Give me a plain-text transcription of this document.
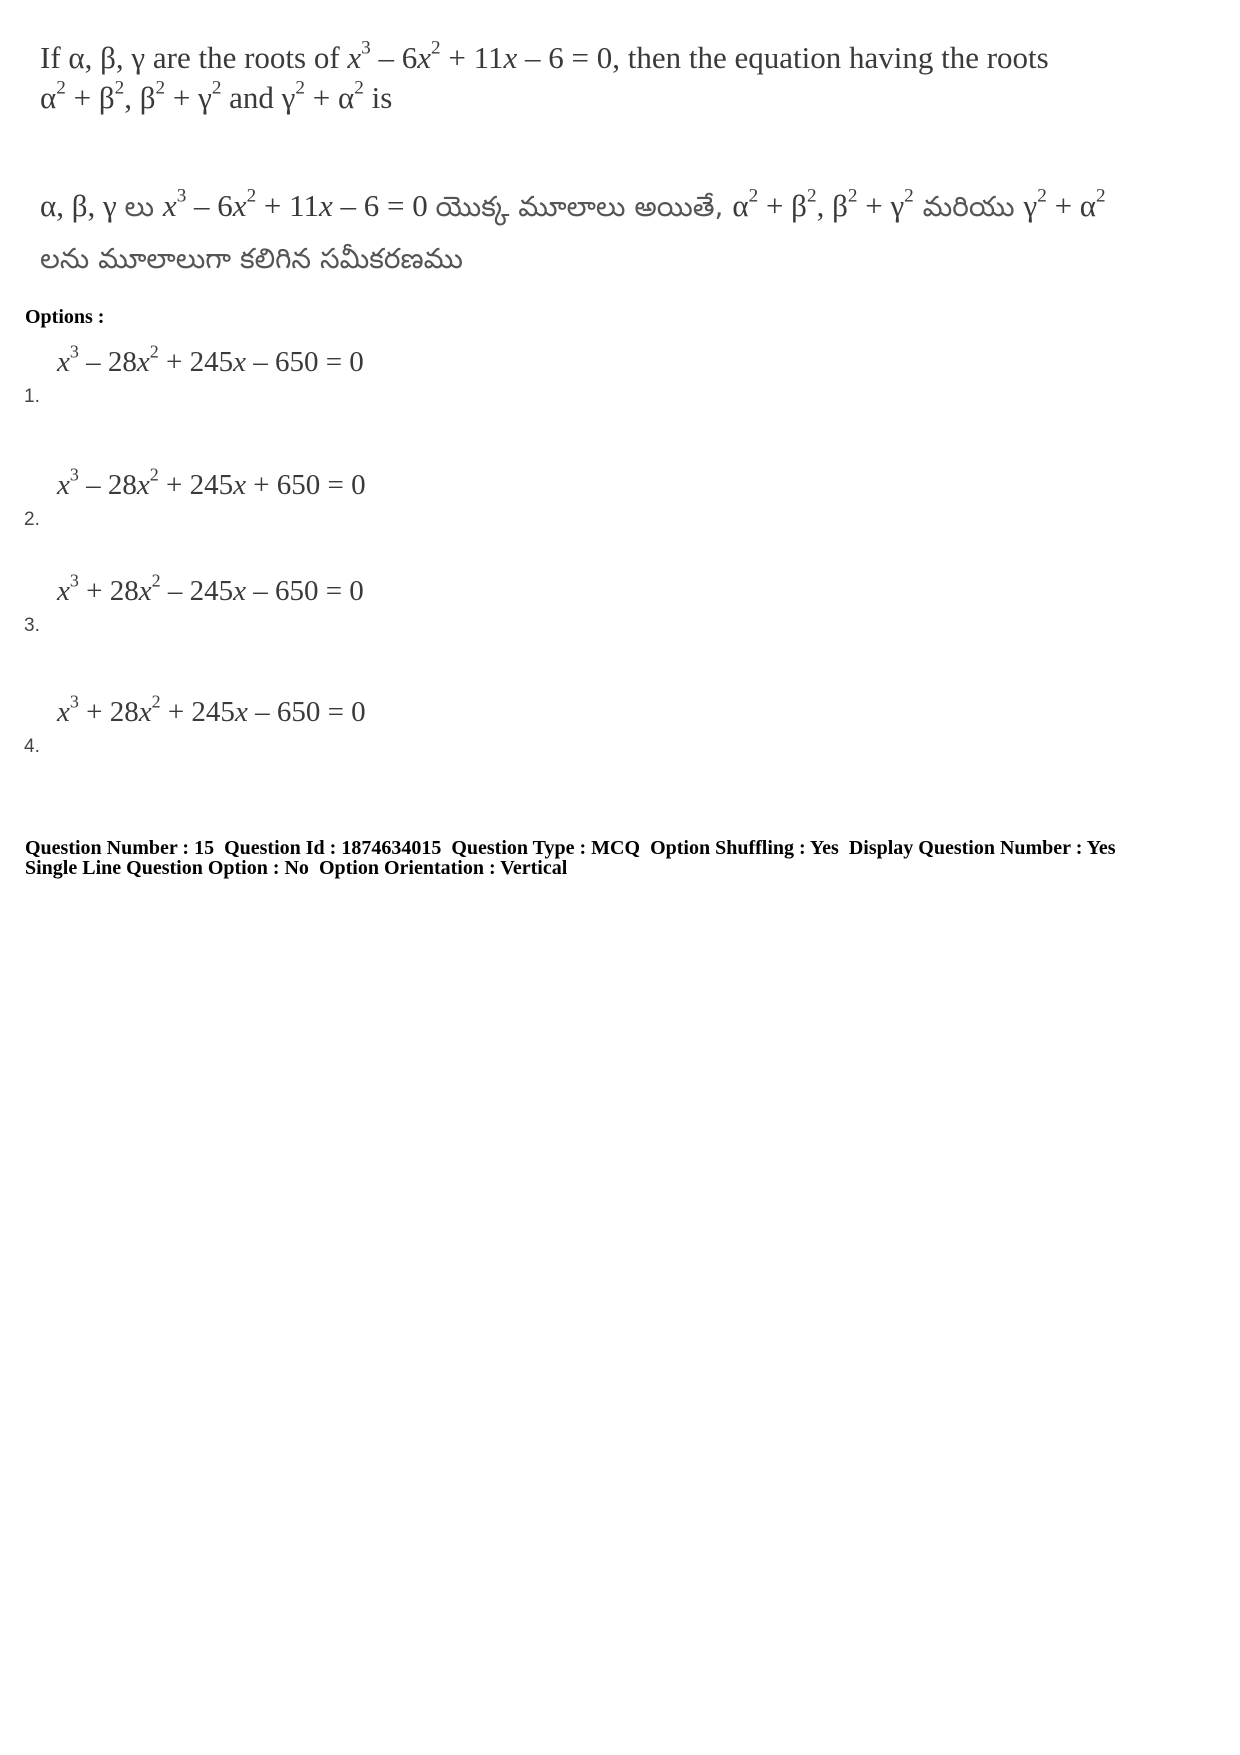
If α, β, γ are the roots of $x^3 - 6x^2 + 11x - 6 = 0$, then the equation having the roots
$\alpha^2 + \beta^2$, $\beta^2 + \gamma^2$ and $\gamma^2 + \alpha^2$ is
α, β, γ లు $x^3 - 6x^2 + 11x - 6 = 0$ యొక్క మూలాలు అయితే, $\alpha^2 + \beta^2$, $\beta^2 + \gamma^2$ మరియు $\gamma^2 + \alpha^2$
లను మూలాలుగా కలిగిన సమీకరణము
Options :
$x^3 - 28x^2 + 245x - 650 = 0$
1.
$x^3 - 28x^2 + 245x + 650 = 0$
2.
$x^3 + 28x^2 - 245x - 650 = 0$
3.
$x^3 + 28x^2 + 245x - 650 = 0$
4.
Question Number : 15 Question Id : 1874634015 Question Type : MCQ Option Shuffling : Yes Display Question Number : Yes
Single Line Question Option : No Option Orientation : Vertical
